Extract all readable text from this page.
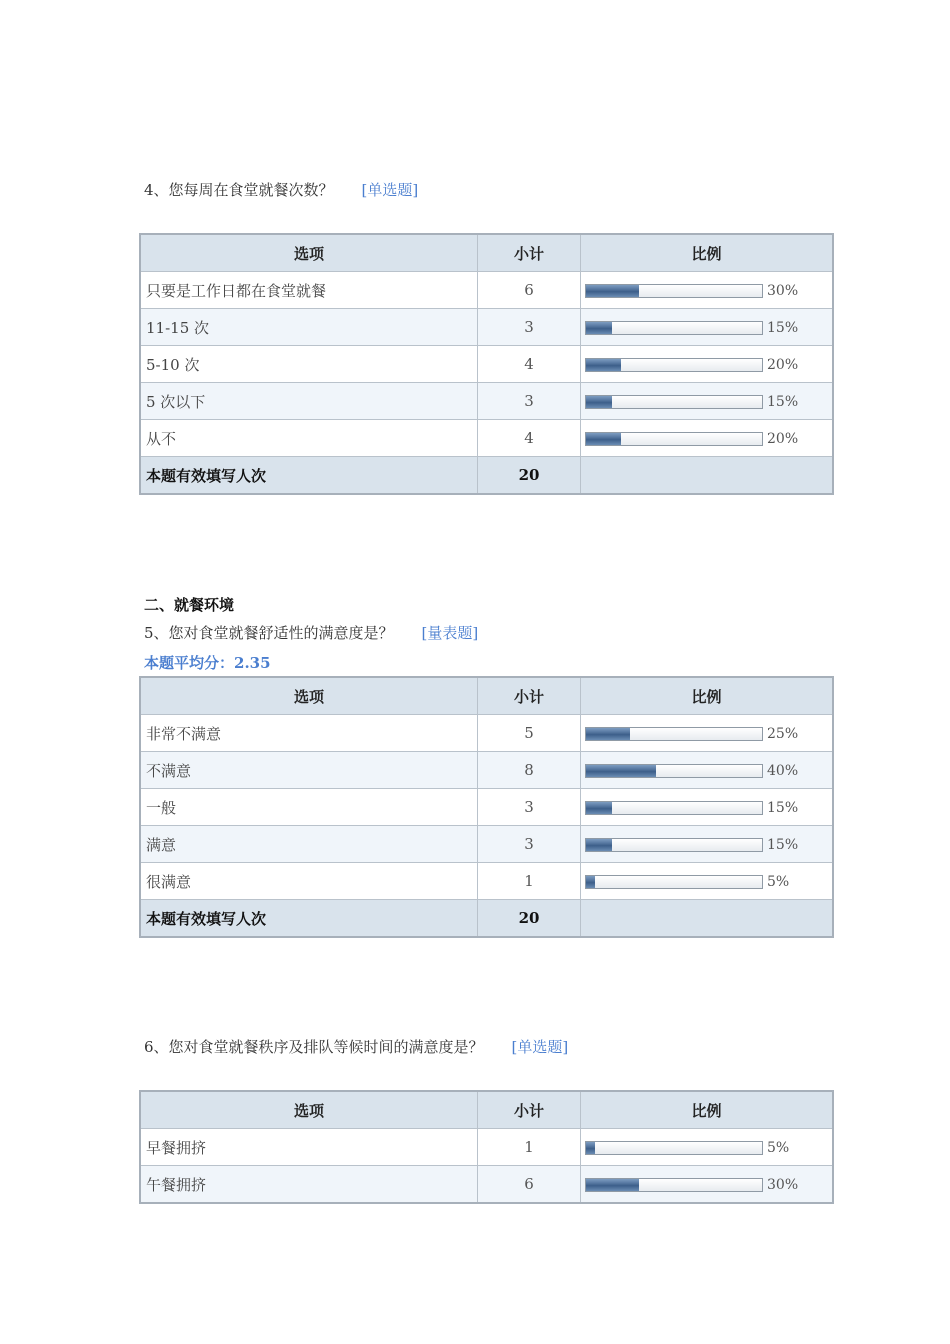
4、您每周在食堂就餐次数？ [单选题]
选项	小计	比例
只要是工作日都在食堂就餐	6	30%
11-15 次	3	15%
5-10 次	4	20%
5 次以下	3	15%
从不	4	20%
本题有效填写人次	20	
二、就餐环境
5、您对食堂就餐舒适性的满意度是？ [量表题]
本题平均分：2.35
选项	小计	比例
非常不满意	5	25%
不满意	8	40%
一般	3	15%
满意	3	15%
很满意	1	5%
本题有效填写人次	20	
6、您对食堂就餐秩序及排队等候时间的满意度是？ [单选题]
选项	小计	比例
早餐拥挤	1	5%
午餐拥挤	6	30%
